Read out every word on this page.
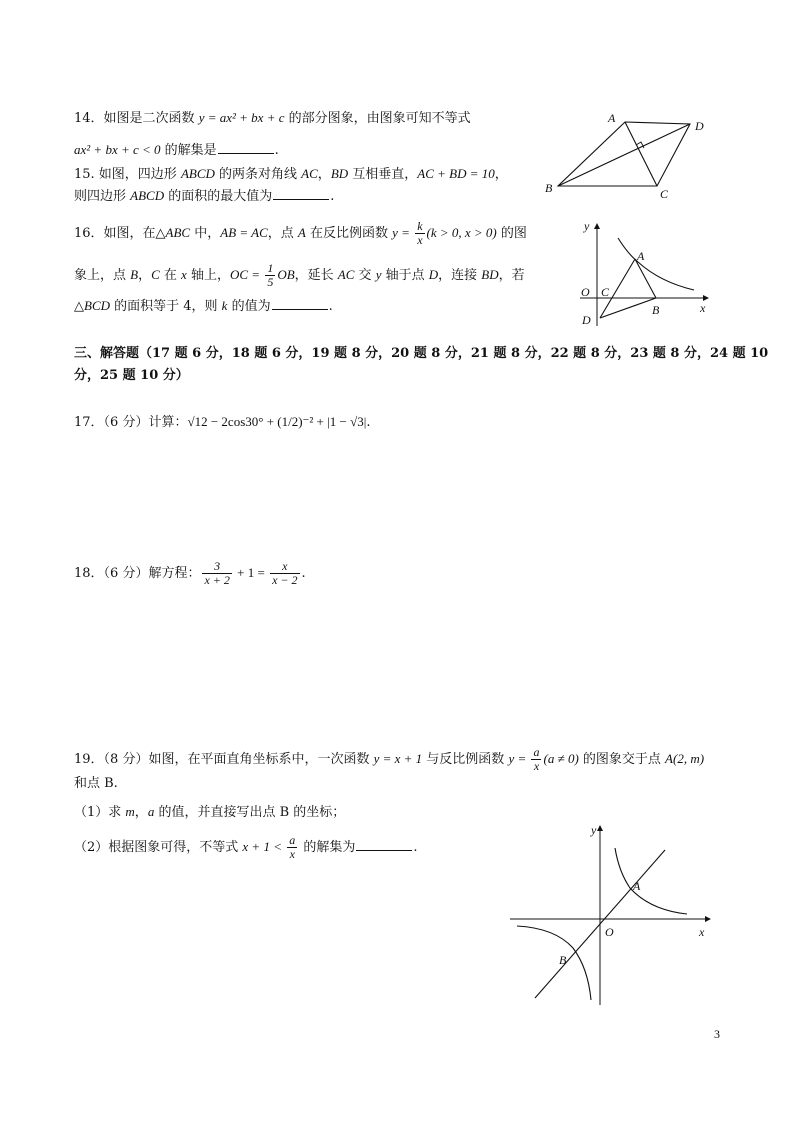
14．如图是二次函数 y = ax² + bx + c 的部分图象，由图象可知不等式
ax² + bx + c < 0 的解集是	.
15. 如图，四边形 ABCD 的两条对角线 AC，BD 互相垂直，AC + BD = 10，
则四边形 ABCD 的面积的最大值为	.
A
D
B	C
16．如图，在△ABC 中，AB = AC，点 A 在反比例函数 $y = \frac{k}{x} (k > 0$, x > 0) 的图
象上，点 B，C 在 x 轴上，OC = $\frac{1}{5}$ OB，延长 AC 交 y 轴于点 D，连接 BD，若
△BCD 的面积等于 4，则 k 的值为	.
y
A
O C
B	x
D
三、解答题（17 题 6 分，18 题 6 分，19 题 8 分，20 题 8 分，21 题 8 分，22 题 8 分，23 题 8 分，24 题 10
分，25 题 10 分）
17．（6 分）计算：√12 − 2cos30° + (1/2)⁻² + |1 − √3|.
18．（6 分）解方程： $\frac{3}{x + 2} + 1 = \frac{x}{x - 2}$ .
19．（8 分）如图，在平面直角坐标系中，一次函数 y = x + 1 与反比例函数 $y = \frac{a}{x} (a \ne 0)$ 的图象交于点 A(2, m)
和点 B.
（1）求 m，a 的值，并直接写出点 B 的坐标；
（2）根据图象可得，不等式 $x + 1 < \frac{a}{x}$ 的解集为	.
y
A
O	x
B
3
